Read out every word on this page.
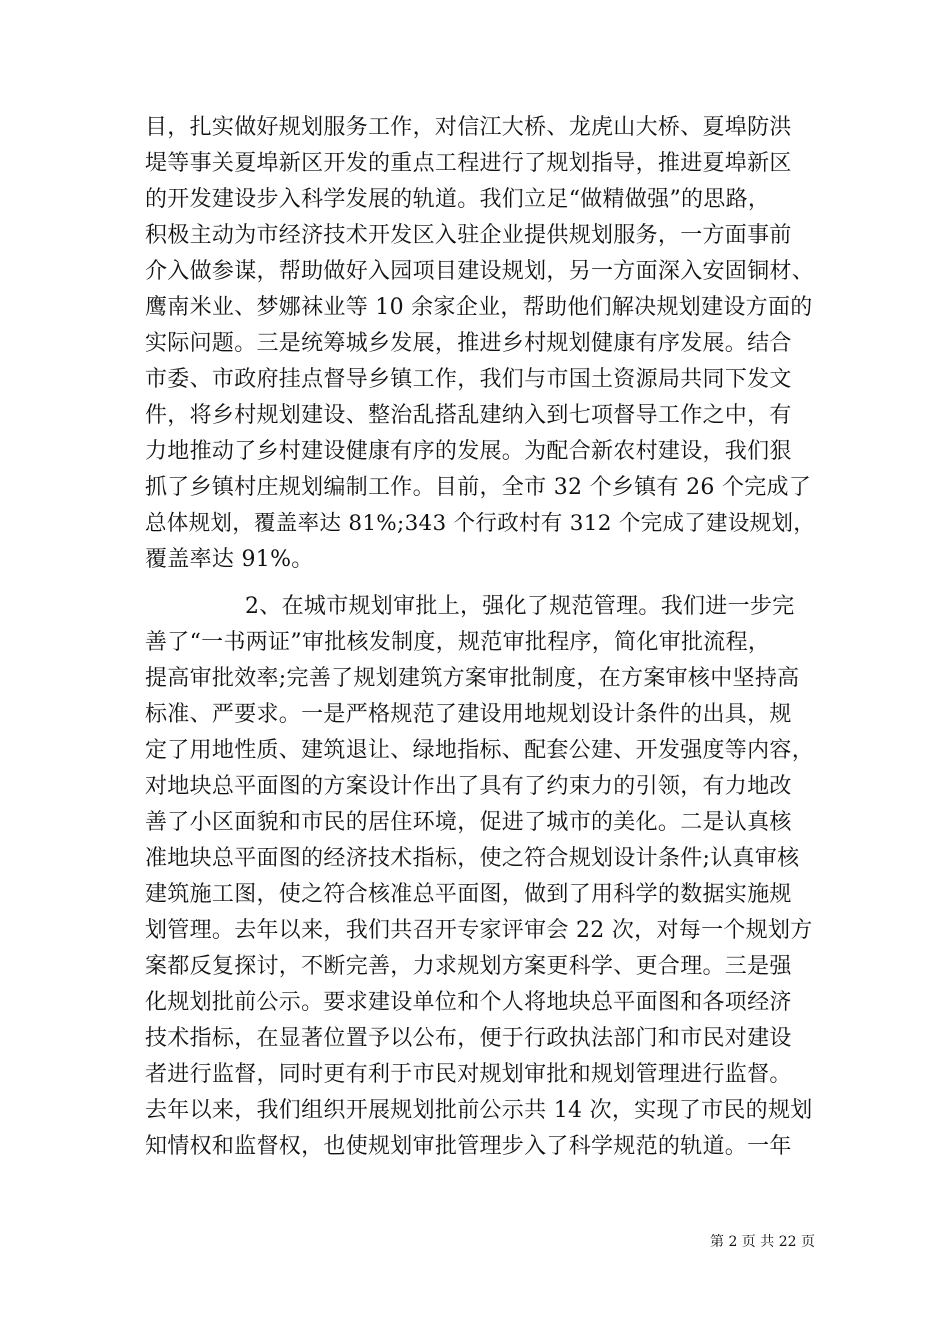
目，扎实做好规划服务工作，对信江大桥、龙虎山大桥、夏埠防洪
堤等事关夏埠新区开发的重点工程进行了规划指导，推进夏埠新区
的开发建设步入科学发展的轨道。我们立足“做精做强”的思路，
积极主动为市经济技术开发区入驻企业提供规划服务，一方面事前
介入做参谋，帮助做好入园项目建设规划，另一方面深入安固铜材、
鹰南米业、梦娜袜业等 10 余家企业，帮助他们解决规划建设方面的
实际问题。三是统筹城乡发展，推进乡村规划健康有序发展。结合
市委、市政府挂点督导乡镇工作，我们与市国土资源局共同下发文
件，将乡村规划建设、整治乱搭乱建纳入到七项督导工作之中，有
力地推动了乡村建设健康有序的发展。为配合新农村建设，我们狠
抓了乡镇村庄规划编制工作。目前，全市 32 个乡镇有 26 个完成了
总体规划，覆盖率达 81%;343 个行政村有 312 个完成了建设规划，
覆盖率达 91%。
2、在城市规划审批上，强化了规范管理。我们进一步完
善了“一书两证”审批核发制度，规范审批程序，简化审批流程，
提高审批效率;完善了规划建筑方案审批制度，在方案审核中坚持高
标准、严要求。一是严格规范了建设用地规划设计条件的出具，规
定了用地性质、建筑退让、绿地指标、配套公建、开发强度等内容，
对地块总平面图的方案设计作出了具有了约束力的引领，有力地改
善了小区面貌和市民的居住环境，促进了城市的美化。二是认真核
准地块总平面图的经济技术指标，使之符合规划设计条件;认真审核
建筑施工图，使之符合核准总平面图，做到了用科学的数据实施规
划管理。去年以来，我们共召开专家评审会 22 次，对每一个规划方
案都反复探讨，不断完善，力求规划方案更科学、更合理。三是强
化规划批前公示。要求建设单位和个人将地块总平面图和各项经济
技术指标，在显著位置予以公布，便于行政执法部门和市民对建设
者进行监督，同时更有利于市民对规划审批和规划管理进行监督。
去年以来，我们组织开展规划批前公示共 14 次，实现了市民的规划
知情权和监督权，也使规划审批管理步入了科学规范的轨道。一年
第 2 页 共 22 页
